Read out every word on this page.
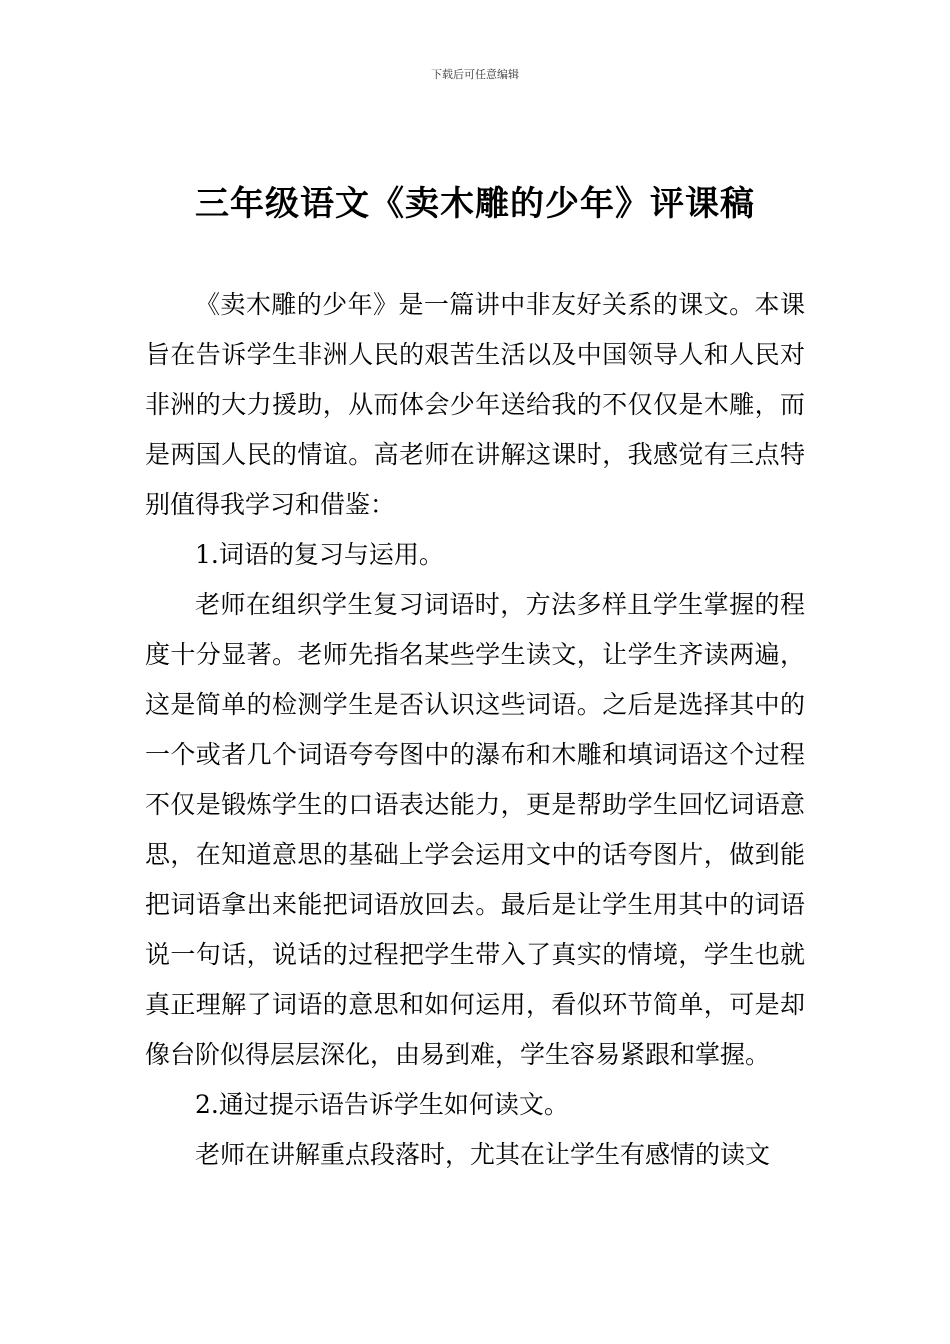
下载后可任意编辑
三年级语文《卖木雕的少年》评课稿

《卖木雕的少年》是一篇讲中非友好关系的课文。本课旨在告诉学生非洲人民的艰苦生活以及中国领导人和人民对非洲的大力援助，从而体会少年送给我的不仅仅是木雕，而是两国人民的情谊。高老师在讲解这课时，我感觉有三点特别值得我学习和借鉴：

1.词语的复习与运用。

老师在组织学生复习词语时，方法多样且学生掌握的程度十分显著。老师先指名某些学生读文，让学生齐读两遍，这是简单的检测学生是否认识这些词语。之后是选择其中的一个或者几个词语夸夸图中的瀑布和木雕和填词语这个过程不仅是锻炼学生的口语表达能力，更是帮助学生回忆词语意思，在知道意思的基础上学会运用文中的话夸图片，做到能把词语拿出来能把词语放回去。最后是让学生用其中的词语说一句话，说话的过程把学生带入了真实的情境，学生也就真正理解了词语的意思和如何运用，看似环节简单，可是却像台阶似得层层深化，由易到难，学生容易紧跟和掌握。

2.通过提示语告诉学生如何读文。

老师在讲解重点段落时，尤其在让学生有感情的读文
